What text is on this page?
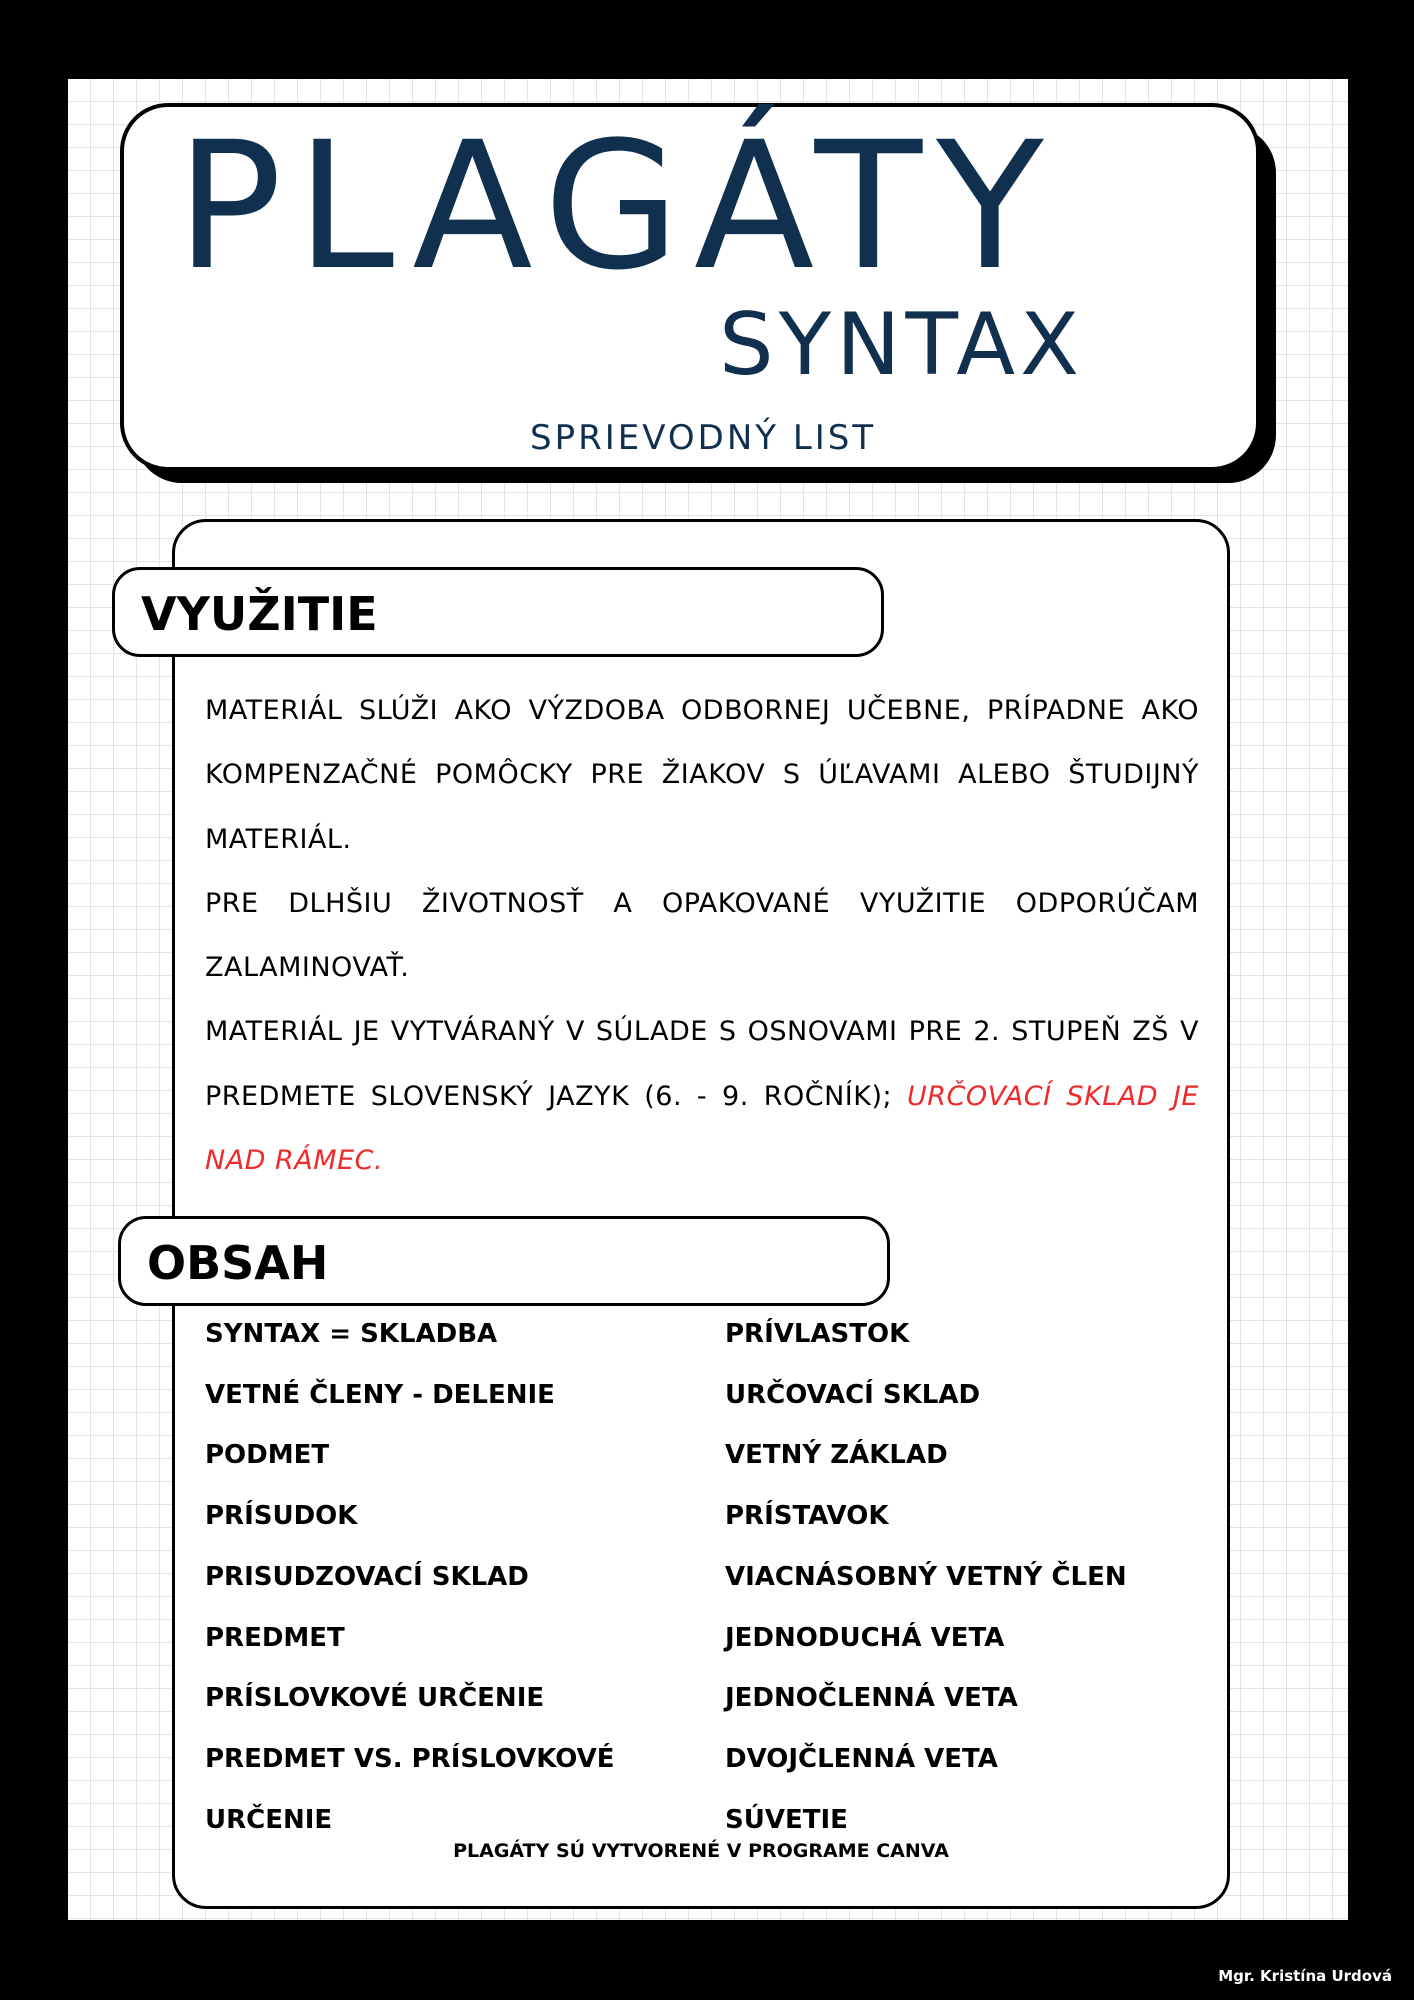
PLAGÁTY
SYNTAX
SPRIEVODNÝ LIST
VYUŽITIE

MATERIÁL SLÚŽI AKO VÝZDOBA ODBORNEJ UČEBNE, PRÍPADNE AKO KOMPENZAČNÉ POMÔCKY PRE ŽIAKOV S ÚĽAVAMI ALEBO ŠTUDIJNÝ MATERIÁL.

PRE DLHŠIU ŽIVOTNOSŤ A OPAKOVANÉ VYUŽITIE ODPORÚČAM ZALAMINOVAŤ.

MATERIÁL JE VYTVÁRANÝ V SÚLADE S OSNOVAMI PRE 2. STUPEŇ ZŠ V PREDMETE SLOVENSKÝ JAZYK (6. - 9. ROČNÍK); URČOVACÍ SKLAD JE NAD RÁMEC.

OBSAH
SYNTAX = SKLADBA
VETNÉ ČLENY - DELENIE
PODMET
PRÍSUDOK
PRISUDZOVACÍ SKLAD
PREDMET
PRÍSLOVKOVÉ URČENIE
PREDMET VS. PRÍSLOVKOVÉ
URČENIE
PRÍVLASTOK
URČOVACÍ SKLAD
VETNÝ ZÁKLAD
PRÍSTAVOK
VIACNÁSOBNÝ VETNÝ ČLEN
JEDNODUCHÁ VETA
JEDNOČLENNÁ VETA
DVOJČLENNÁ VETA
SÚVETIE
PLAGÁTY SÚ VYTVORENÉ V PROGRAME CANVA
Mgr. Kristína Urdová
